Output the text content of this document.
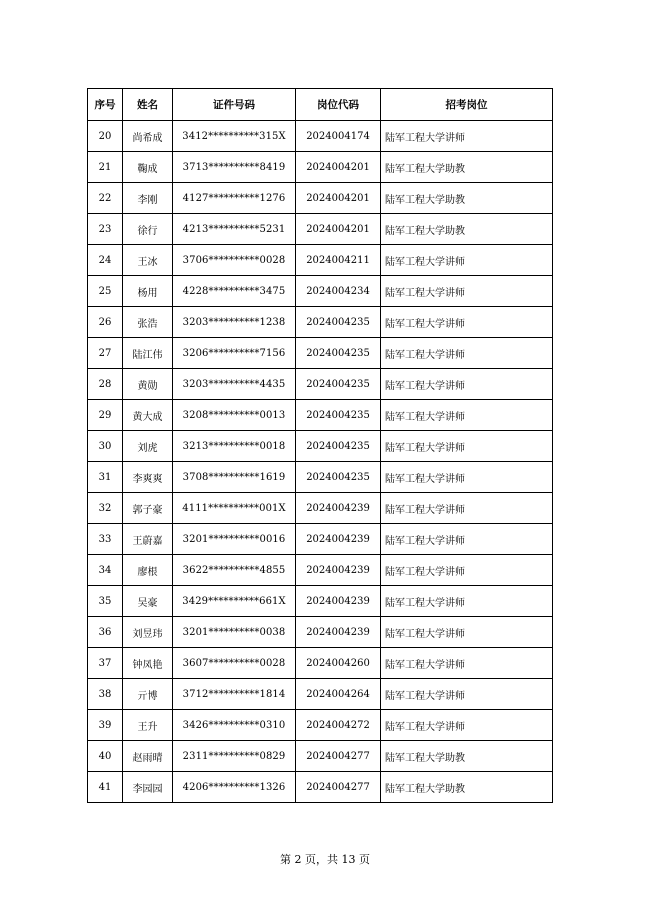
序号	姓名	证件号码	岗位代码	招考岗位
20	尚希成	3412**********315X	2024004174	陆军工程大学讲师
21	鞠成	3713**********8419	2024004201	陆军工程大学助教
22	李刚	4127**********1276	2024004201	陆军工程大学助教
23	徐行	4213**********5231	2024004201	陆军工程大学助教
24	王冰	3706**********0028	2024004211	陆军工程大学讲师
25	杨用	4228**********3475	2024004234	陆军工程大学讲师
26	张浩	3203**********1238	2024004235	陆军工程大学讲师
27	陆江伟	3206**********7156	2024004235	陆军工程大学讲师
28	黄勋	3203**********4435	2024004235	陆军工程大学讲师
29	黄大成	3208**********0013	2024004235	陆军工程大学讲师
30	刘虎	3213**********0018	2024004235	陆军工程大学讲师
31	李爽爽	3708**********1619	2024004235	陆军工程大学讲师
32	郭子豪	4111**********001X	2024004239	陆军工程大学讲师
33	王蔚嘉	3201**********0016	2024004239	陆军工程大学讲师
34	廖根	3622**********4855	2024004239	陆军工程大学讲师
35	吴豪	3429**********661X	2024004239	陆军工程大学讲师
36	刘昱玮	3201**********0038	2024004239	陆军工程大学讲师
37	钟凤艳	3607**********0028	2024004260	陆军工程大学讲师
38	亓博	3712**********1814	2024004264	陆军工程大学讲师
39	王升	3426**********0310	2024004272	陆军工程大学讲师
40	赵雨晴	2311**********0829	2024004277	陆军工程大学助教
41	李园园	4206**********1326	2024004277	陆军工程大学助教
第 2 页，共 13 页
